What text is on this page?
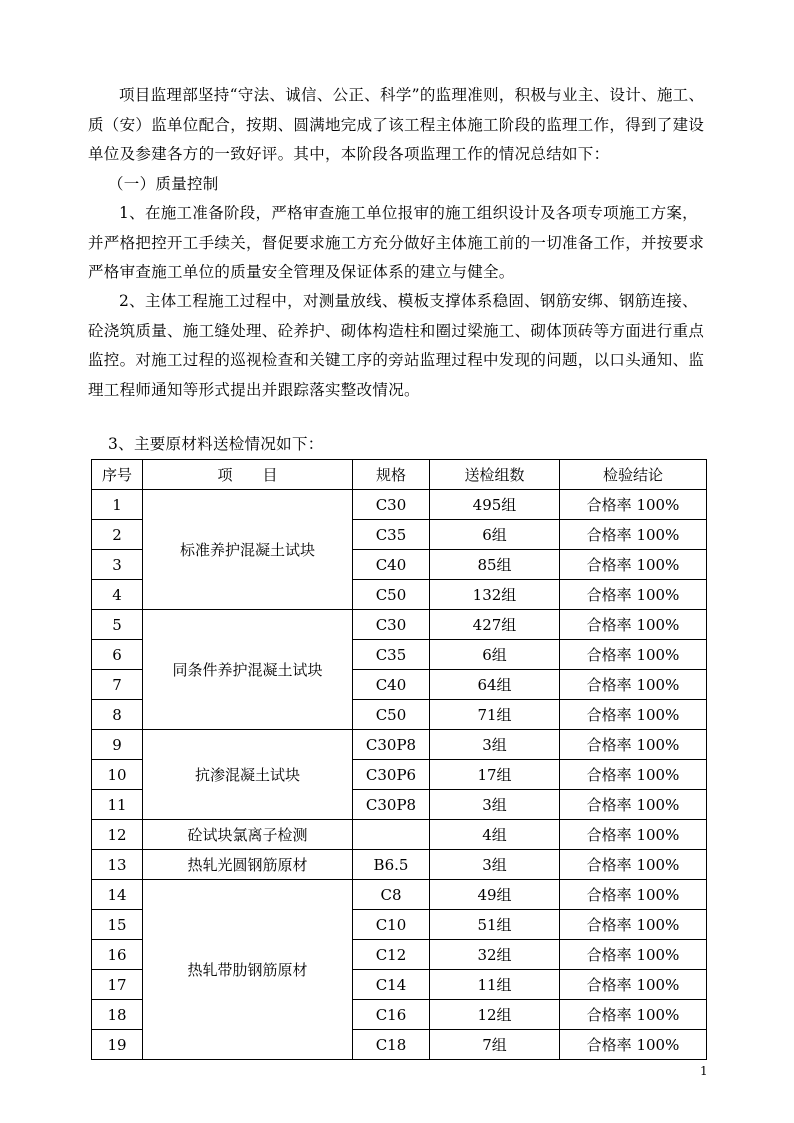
项目监理部坚持“守法、诚信、公正、科学”的监理准则，积极与业主、设计、施工、质（安）监单位配合，按期、圆满地完成了该工程主体施工阶段的监理工作，得到了建设单位及参建各方的一致好评。其中，本阶段各项监理工作的情况总结如下：

（一）质量控制

1、在施工准备阶段，严格审查施工单位报审的施工组织设计及各项专项施工方案，并严格把控开工手续关，督促要求施工方充分做好主体施工前的一切准备工作，并按要求严格审查施工单位的质量安全管理及保证体系的建立与健全。

2、主体工程施工过程中，对测量放线、模板支撑体系稳固、钢筋安绑、钢筋连接、砼浇筑质量、施工缝处理、砼养护、砌体构造柱和圈过梁施工、砌体顶砖等方面进行重点监控。对施工过程的巡视检查和关键工序的旁站监理过程中发现的问题，以口头通知、监理工程师通知等形式提出并跟踪落实整改情况。

3、主要原材料送检情况如下：

序号	项　　目	规格	送检组数	检验结论
1	标准养护混凝土试块	C30	495组	合格率 100%
2		C35	6组	合格率 100%
3		C40	85组	合格率 100%
4		C50	132组	合格率 100%
5	同条件养护混凝土试块	C30	427组	合格率 100%
6		C35	6组	合格率 100%
7		C40	64组	合格率 100%
8		C50	71组	合格率 100%
9	抗渗混凝土试块	C30P8	3组	合格率 100%
10		C30P6	17组	合格率 100%
11		C30P8	3组	合格率 100%
12	砼试块氯离子检测		4组	合格率 100%
13	热轧光圆钢筋原材	B6.5	3组	合格率 100%
14	热轧带肋钢筋原材	C8	49组	合格率 100%
15		C10	51组	合格率 100%
16		C12	32组	合格率 100%
17		C14	11组	合格率 100%
18		C16	12组	合格率 100%
19		C18	7组	合格率 100%
1
